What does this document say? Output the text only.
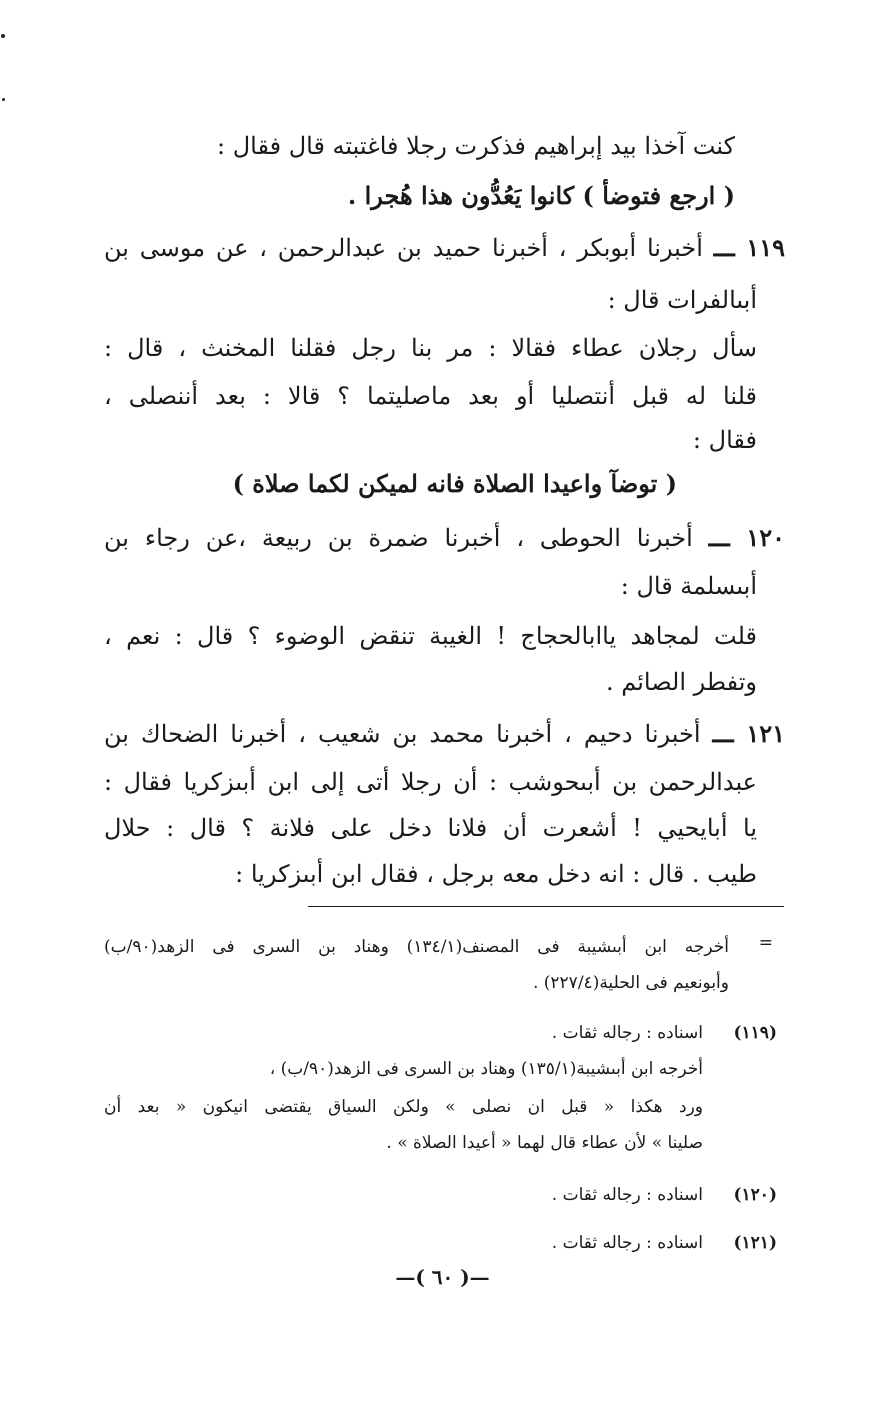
كنت آخذا بيد إبراهيم فذكرت رجلا فاغتبته قال فقال :
( ارجع فتوضأ ) كانوا يَعُدُّون هذا هُجرا .
١١٩ ـــ أخبرنا أبوبكر ، أخبرنا حميد بن عبدالرحمن ، عن موسى بن
أبىالفرات قال :
سأل رجلان عطاء فقالا : مر بنا رجل فقلنا المخنث ، قال :
قلنا له قبل أنتصليا أو بعد ماصليتما ؟ قالا : بعد أننصلى ،
فقال :
( توضآ واعيدا الصلاة فانه لميكن لكما صلاة )
١٢٠ ـــ أخبرنا الحوطى ، أخبرنا ضمرة بن ربيعة ،عن رجاء بن
أبىسلمة قال :
قلت لمجاهد ياابالحجاج ! الغيبة تنقض الوضوء ؟ قال : نعم ،
وتفطر الصائم .
١٢١ ـــ أخبرنا دحيم ، أخبرنا محمد بن شعيب ، أخبرنا الضحاك بن
عبدالرحمن بن أبىحوشب : أن رجلا أتى إلى ابن أبىزكريا فقال :
يا أبايحيي ! أشعرت أن فلانا دخل على فلانة ؟ قال : حلال
طيب . قال : انه دخل معه برجل ، فقال ابن أبىزكريا :
=
أخرجه ابن أبىشيبة فى المصنف(١٣٤/١) وهناد بن السرى فى الزهد(٩٠/ب)
وأبونعيم فى الحلية(٢٢٧/٤) .
(١١٩)
اسناده : رجاله ثقات .
أخرجه ابن أبىشيبة(١٣٥/١) وهناد بن السرى فى الزهد(٩٠/ب) ،
ورد هكذا « قبل ان نصلى » ولكن السياق يقتضى انيكون « بعد أن
صلينا » لأن عطاء قال لهما « أعيدا الصلاة » .
(١٢٠)
اسناده : رجاله ثقات .
(١٢١)
اسناده : رجاله ثقات .
—( ٦٠ )—
